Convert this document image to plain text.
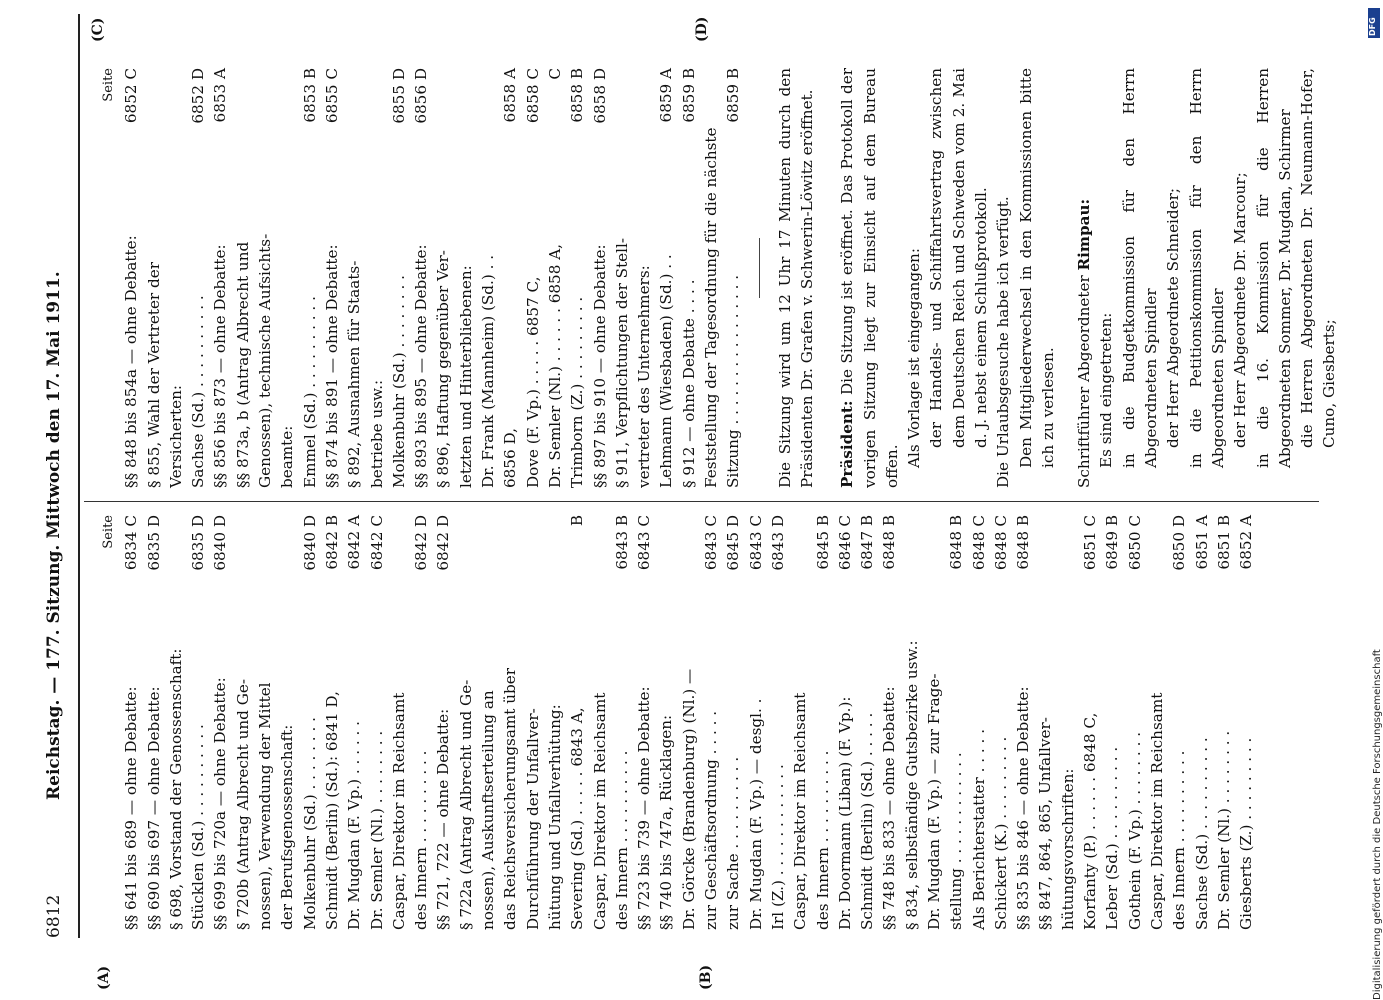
6812
Reichstag. — 177. Sitzung. Mittwoch den 17. Mai 1911.
(A)	(B)
(C)	(D)
Seite
§§ 641 bis 689 — ohne Debatte:
6834 C
§§ 690 bis 697 — ohne Debatte:
6835 D
§ 698, Vorstand der Genossenschaft: Stücklen (Sd.) . . . . . . . . . .
6835 D
§§ 699 bis 720a — ohne Debatte:
6840 D
§ 720b (Antrag Albrecht und Ge- nossen), Verwendung der Mittel der Berufsgenossenschaft: Molkenbuhr (Sd.) . . . . . . . .
6840 D
Schmidt (Berlin) (Sd.): 6841 D,
6842 B
Dr. Mugdan (F. Vp.) . . . . . .
6842 A
Dr. Semler (Nl.) . . . . . . . .
6842 C
Caspar, Direktor im Reichsamt des Innern . . . . . . . . . .
6842 D
§§ 721, 722 — ohne Debatte:
6842 D
§ 722a (Antrag Albrecht und Ge- nossen), Auskunftserteilung an das Reichsversicherungsamt über Durchführung der Unfallver- hütung und Unfallverhütung: Severing (Sd.) . . . . . 6843 A,
B
Caspar, Direktor im Reichsamt des Innern . . . . . . . . . .
6843 B
§§ 723 bis 739 — ohne Debatte:
6843 C
§§ 740 bis 747a, Rücklagen: Dr. Görcke (Brandenburg) (Nl.) — zur Geschäftsordnung . . . . .
6843 C
zur Sache . . . . . . . . . .
6845 D
Dr. Mugdan (F. Vp.) — desgl. .
6843 C
Irl (Z.) . . . . . . . . . . . .
6843 D
Caspar, Direktor im Reichsamt des Innern . . . . . . . . . .
6845 B
Dr. Doormann (Liban) (F. Vp.):
6846 C
Schmidt (Berlin) (Sd.) . . . . .
6847 B
§§ 748 bis 833 — ohne Debatte:
6848 B
§ 834, selbständige Gutsbezirke usw.: Dr. Mugdan (F. Vp.) — zur Frage- stellung . . . . . . . . . . . .
6848 B
Als Berichterstatter . . . . .
6848 C
Schickert (K.) . . . . . . . . .
6848 C
§§ 835 bis 846 — ohne Debatte:
6848 B
§§ 847, 864, 865, Unfallver- hütungsvorschriften: Korfanty (P.) . . . . . . 6848 C,
6851 C
Leber (Sd.) . . . . . . . . . .
6849 B
Gothein (F. Vp.) . . . . . . . .
6850 C
Caspar, Direktor im Reichsamt des Innern . . . . . . . . . .
6850 D
Sachse (Sd.) . . . . . . . . . .
6851 A
Dr. Semler (Nl.) . . . . . . . .
6851 B
Giesberts (Z.) . . . . . . . . .
6852 A
Seite
§§ 848 bis 854a — ohne Debatte:
6852 C
§ 855, Wahl der Vertreter der Versicherten: Sachse (Sd.) . . . . . . . . . .
6852 D
§§ 856 bis 873 — ohne Debatte:
6853 A
§§ 873a, b (Antrag Albrecht und Genossen), technische Aufsichts- beamte: Emmel (Sd.) . . . . . . . . . .
6853 B
§§ 874 bis 891 — ohne Debatte:
6855 C
§ 892, Ausnahmen für Staats- betriebe usw.: Molkenbuhr (Sd.) . . . . . . . .
6855 D
§§ 893 bis 895 — ohne Debatte:
6856 D
§ 896, Haftung gegenüber Ver- letzten und Hinterbliebenen: Dr. Frank (Mannheim) (Sd.) . . 6856 D,
6858 A
Dove (F. Vp.) . . . . . 6857 C,
6858 C
Dr. Semler (Nl.) . . . . . . 6858 A,
C
Trimborn (Z.) . . . . . . . . .
6858 B
§§ 897 bis 910 — ohne Debatte:
6858 D
§ 911, Verpflichtungen der Stell- vertreter des Unternehmers: Lehmann (Wiesbaden) (Sd.) . .
6859 A
§ 912 — ohne Debatte . . . .
6859 B
Feststellung der Tagesordnung für die nächste Sitzung . . . . . . . . . . . . . . . .
6859 B Die Sitzung wird um 12 Uhr 17 Minuten durch den Präsidenten Dr. Grafen v. Schwerin-Löwitz eröffnet. Präsident: Die Sitzung ist eröffnet. Das Protokoll der vorigen Sitzung liegt zur Einsicht auf dem Bureau offen. Als Vorlage ist eingegangen: der Handels- und Schiffahrtsvertrag zwischen dem Deutschen Reich und Schweden vom 2. Mai d. J. nebst einem Schlußprotokoll. Die Urlaubsgesuche habe ich verfügt. Den Mitgliederwechsel in den Kommissionen bitte ich zu verlesen. Schriftführer Abgeordneter Rimpau:

Es sind eingetreten: in die Budgetkommission für den Herrn Abgeordneten Spindler der Herr Abgeordnete Schneider; in die Petitionskommission für den Herrn Abgeordneten Spindler der Herr Abgeordnete Dr. Marcour; in die 16. Kommission für die Herren Abgeordneten Sommer, Dr. Mugdan, Schirmer die Herren Abgeordneten Dr. Neumann-Hofer, Cuno, Giesberts;

DFG
Digitalisierung gefördert durch die Deutsche Forschungsgemeinschaft
